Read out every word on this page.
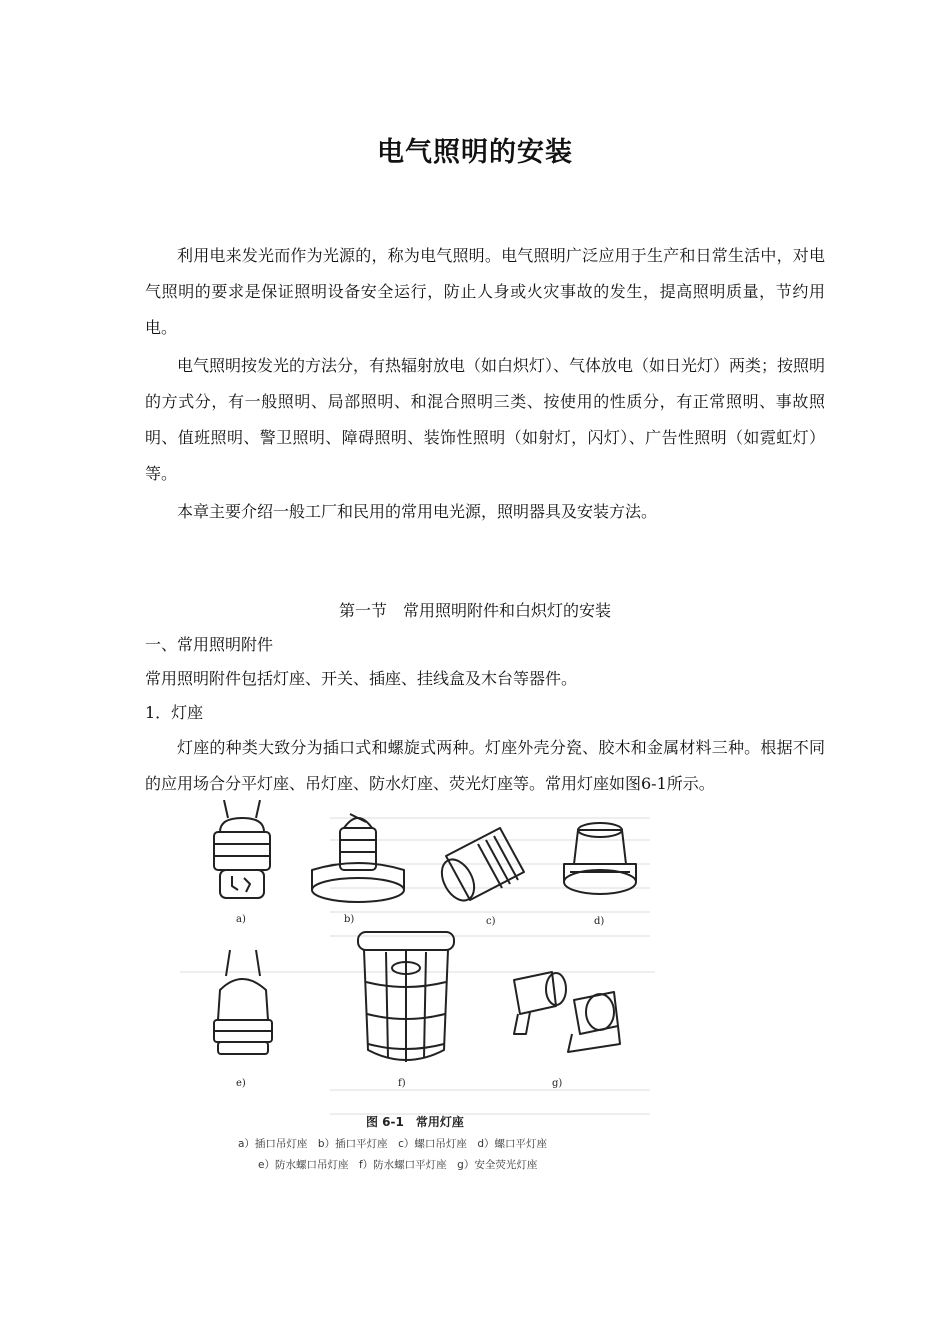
电气照明的安装

利用电来发光而作为光源的，称为电气照明。电气照明广泛应用于生产和日常生活中，对电气照明的要求是保证照明设备安全运行，防止人身或火灾事故的发生，提高照明质量，节约用电。

电气照明按发光的方法分，有热辐射放电（如白炽灯）、气体放电（如日光灯）两类；按照明的方式分，有一般照明、局部照明、和混合照明三类、按使用的性质分，有正常照明、事故照明、值班照明、警卫照明、障碍照明、装饰性照明（如射灯，闪灯）、广告性照明（如霓虹灯）等。

本章主要介绍一般工厂和民用的常用电光源，照明器具及安装方法。

第一节　常用照明附件和白炽灯的安装
一、常用照明附件
常用照明附件包括灯座、开关、插座、挂线盒及木台等器件。
1．灯座

灯座的种类大致分为插口式和螺旋式两种。灯座外壳分瓷、胶木和金属材料三种。根据不同的应用场合分平灯座、吊灯座、防水灯座、荧光灯座等。常用灯座如图6-1所示。

a)	b)	c)	d)
e)	f)	g)
图 6-1　常用灯座
a）插口吊灯座　b）插口平灯座　c）螺口吊灯座　d）螺口平灯座
e）防水螺口吊灯座　f）防水螺口平灯座　g）安全荧光灯座
